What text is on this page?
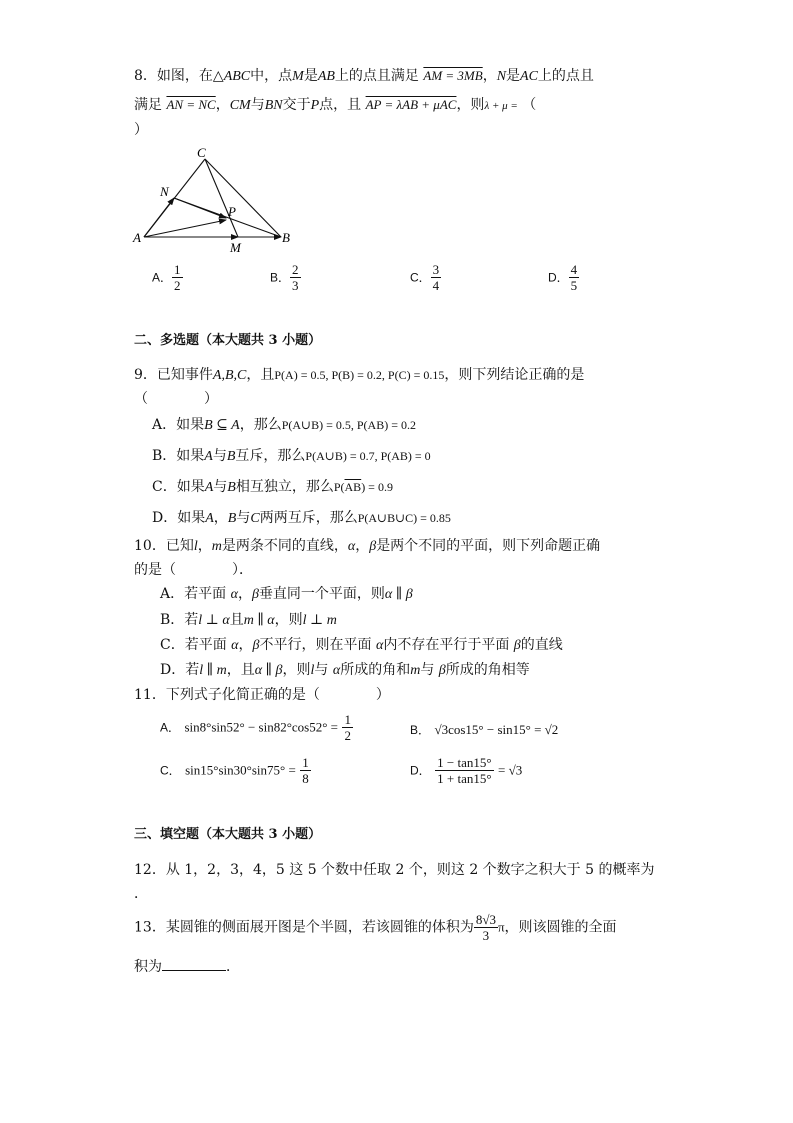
8．如图，在△ABC中，点M是AB上的点且满足 AM = 3MB，N是AC上的点且
满足 AN = NC，CM与BN交于P点，且 AP = λAB + μAC，则λ + μ = （
）
A	B
C
N
P
M
A． $\frac{1}{2}$	B． $\frac{2}{3}$	C． $\frac{3}{4}$	D． $\frac{4}{5}$
二、多选题（本大题共 3 小题）
9．已知事件A,B,C，且P(A) = 0.5, P(B) = 0.2, P(C) = 0.15，则下列结论正确的是
（　　　　）
A．如果B ⊆ A，那么P(A∪B) = 0.5, P(AB) = 0.2
B．如果A与B互斥，那么P(A∪B) = 0.7, P(AB) = 0
C．如果A与B相互独立，那么$P(\overline{AB}) = 0.9$
D．如果A，B与C两两互斥，那么P(A∪B∪C) = 0.85
10．已知l，m是两条不同的直线，α，β是两个不同的平面，则下列命题正确
的是（　　　　）．
A．若平面 α，β垂直同一个平面，则α ∥ β
B．若l ⊥ α且m ∥ α，则l ⊥ m
C．若平面 α，β不平行，则在平面 α内不存在平行于平面 β的直线
D．若l ∥ m，且α ∥ β，则l与 α所成的角和m与 β所成的角相等
11．下列式子化简正确的是（　　　　）
A． $\sin 8^\circ\sin 52^\circ - \sin 82^\circ\cos 52^\circ = \frac{1}{2}$	B． √3cos15° − sin15° = √2
C． $\sin 15^\circ\sin 30^\circ\sin 75^\circ = \frac{1}{8}$	D． $\frac{1 - \tan 15^\circ}{1 + \tan 15^\circ} = √3$
三、填空题（本大题共 3 小题）
12．从 1，2，3，4，5 这 5 个数中任取 2 个，则这 2 个数字之积大于 5 的概率为
．
13．某圆锥的侧面展开图是个半圆，若该圆锥的体积为 $\frac{8√3}{3}$ π，则该圆锥的全面
积为	．
